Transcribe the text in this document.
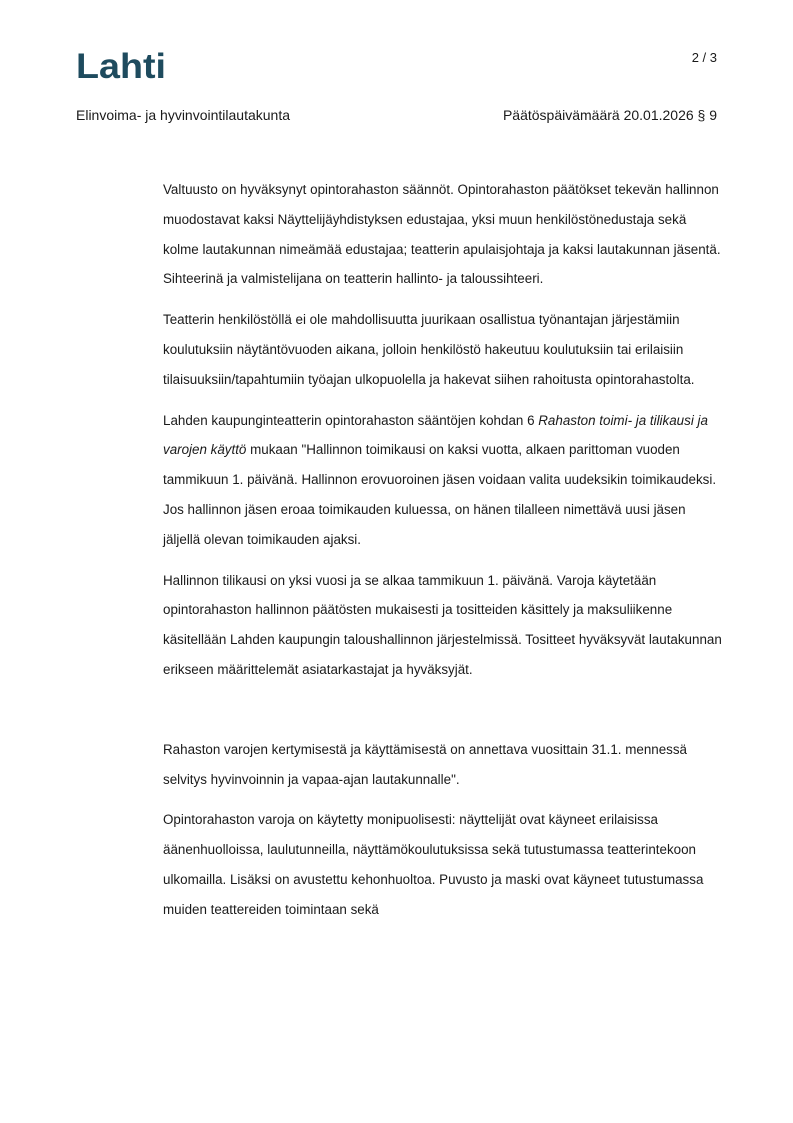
Lahti	2 / 3
Elinvoima- ja hyvinvointilautakunta	Päätöspäivämäärä 20.01.2026 § 9

Valtuusto on hyväksynyt opintorahaston säännöt. Opintorahaston päätökset tekevän hallinnon muodostavat kaksi Näyttelijäyhdistyksen edustajaa, yksi muun henkilöstönedustaja sekä kolme lautakunnan nimeämää edustajaa; teatterin apulaisjohtaja ja kaksi lautakunnan jäsentä. Sihteerinä ja valmistelijana on teatterin hallinto- ja taloussihteeri.

Teatterin henkilöstöllä ei ole mahdollisuutta juurikaan osallistua työnantajan järjestämiin koulutuksiin näytäntövuoden aikana, jolloin henkilöstö hakeutuu koulutuksiin tai erilaisiin tilaisuuksiin/tapahtumiin työajan ulkopuolella ja hakevat siihen rahoitusta opintorahastolta.

Lahden kaupunginteatterin opintorahaston sääntöjen kohdan 6 Rahaston toimi- ja tilikausi ja varojen käyttö mukaan "Hallinnon toimikausi on kaksi vuotta, alkaen parittoman vuoden tammikuun 1. päivänä. Hallinnon erovuoroinen jäsen voidaan valita uudeksikin toimikaudeksi. Jos hallinnon jäsen eroaa toimikauden kuluessa, on hänen tilalleen nimettävä uusi jäsen jäljellä olevan toimikauden ajaksi.

Hallinnon tilikausi on yksi vuosi ja se alkaa tammikuun 1. päivänä. Varoja käytetään opintorahaston hallinnon päätösten mukaisesti ja tositteiden käsittely ja maksuliikenne käsitellään Lahden kaupungin taloushallinnon järjestelmissä. Tositteet hyväksyvät lautakunnan erikseen määrittelemät asiatarkastajat ja hyväksyjät.

Rahaston varojen kertymisestä ja käyttämisestä on annettava vuosittain 31.1. mennessä selvitys hyvinvoinnin ja vapaa-ajan lautakunnalle".

Opintorahaston varoja on käytetty monipuolisesti: näyttelijät ovat käyneet erilaisissa äänenhuolloissa, laulutunneilla, näyttämökoulutuksissa sekä tutustumassa teatterintekoon ulkomailla. Lisäksi on avustettu kehonhuoltoa. Puvusto ja maski ovat käyneet tutustumassa muiden teattereiden toimintaan sekä
